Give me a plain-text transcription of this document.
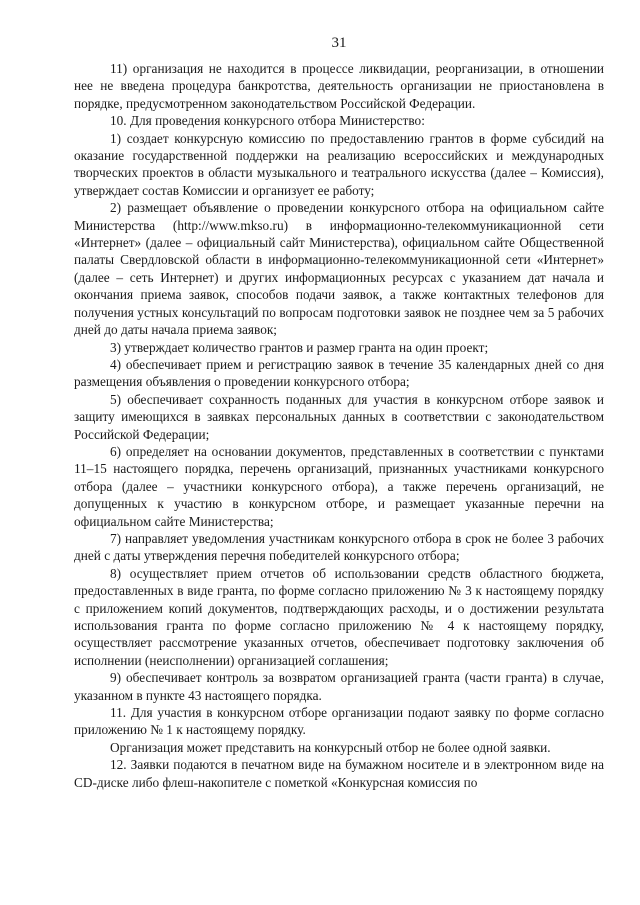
31

11) организация не находится в процессе ликвидации, реорганизации, в отношении нее не введена процедура банкротства, деятельность организации не приостановлена в порядке, предусмотренном законодательством Российской Федерации.

10. Для проведения конкурсного отбора Министерство:

1) создает конкурсную комиссию по предоставлению грантов в форме субсидий на оказание государственной поддержки на реализацию всероссийских и международных творческих проектов в области музыкального и театрального искусства (далее – Комиссия), утверждает состав Комиссии и организует ее работу;

2) размещает объявление о проведении конкурсного отбора на официальном сайте Министерства (http://www.mkso.ru) в информационно-телекоммуникационной сети «Интернет» (далее – официальный сайт Министерства), официальном сайте Общественной палаты Свердловской области в информационно-телекоммуникационной сети «Интернет» (далее – сеть Интернет) и других информационных ресурсах с указанием дат начала и окончания приема заявок, способов подачи заявок, а также контактных телефонов для получения устных консультаций по вопросам подготовки заявок не позднее чем за 5 рабочих дней до даты начала приема заявок;

3) утверждает количество грантов и размер гранта на один проект;

4) обеспечивает прием и регистрацию заявок в течение 35 календарных дней со дня размещения объявления о проведении конкурсного отбора;

5) обеспечивает сохранность поданных для участия в конкурсном отборе заявок и защиту имеющихся в заявках персональных данных в соответствии с законодательством Российской Федерации;

6) определяет на основании документов, представленных в соответствии с пунктами 11–15 настоящего порядка, перечень организаций, признанных участниками конкурсного отбора (далее – участники конкурсного отбора), а также перечень организаций, не допущенных к участию в конкурсном отборе, и размещает указанные перечни на официальном сайте Министерства;

7) направляет уведомления участникам конкурсного отбора в срок не более 3 рабочих дней с даты утверждения перечня победителей конкурсного отбора;

8) осуществляет прием отчетов об использовании средств областного бюджета, предоставленных в виде гранта, по форме согласно приложению № 3 к настоящему порядку с приложением копий документов, подтверждающих расходы, и о достижении результата использования гранта по форме согласно приложению № 4 к настоящему порядку, осуществляет рассмотрение указанных отчетов, обеспечивает подготовку заключения об исполнении (неисполнении) организацией соглашения;

9) обеспечивает контроль за возвратом организацией гранта (части гранта) в случае, указанном в пункте 43 настоящего порядка.

11. Для участия в конкурсном отборе организации подают заявку по форме согласно приложению № 1 к настоящему порядку.

Организация может представить на конкурсный отбор не более одной заявки.

12. Заявки подаются в печатном виде на бумажном носителе и в электронном виде на CD-диске либо флеш-накопителе с пометкой «Конкурсная комиссия по
